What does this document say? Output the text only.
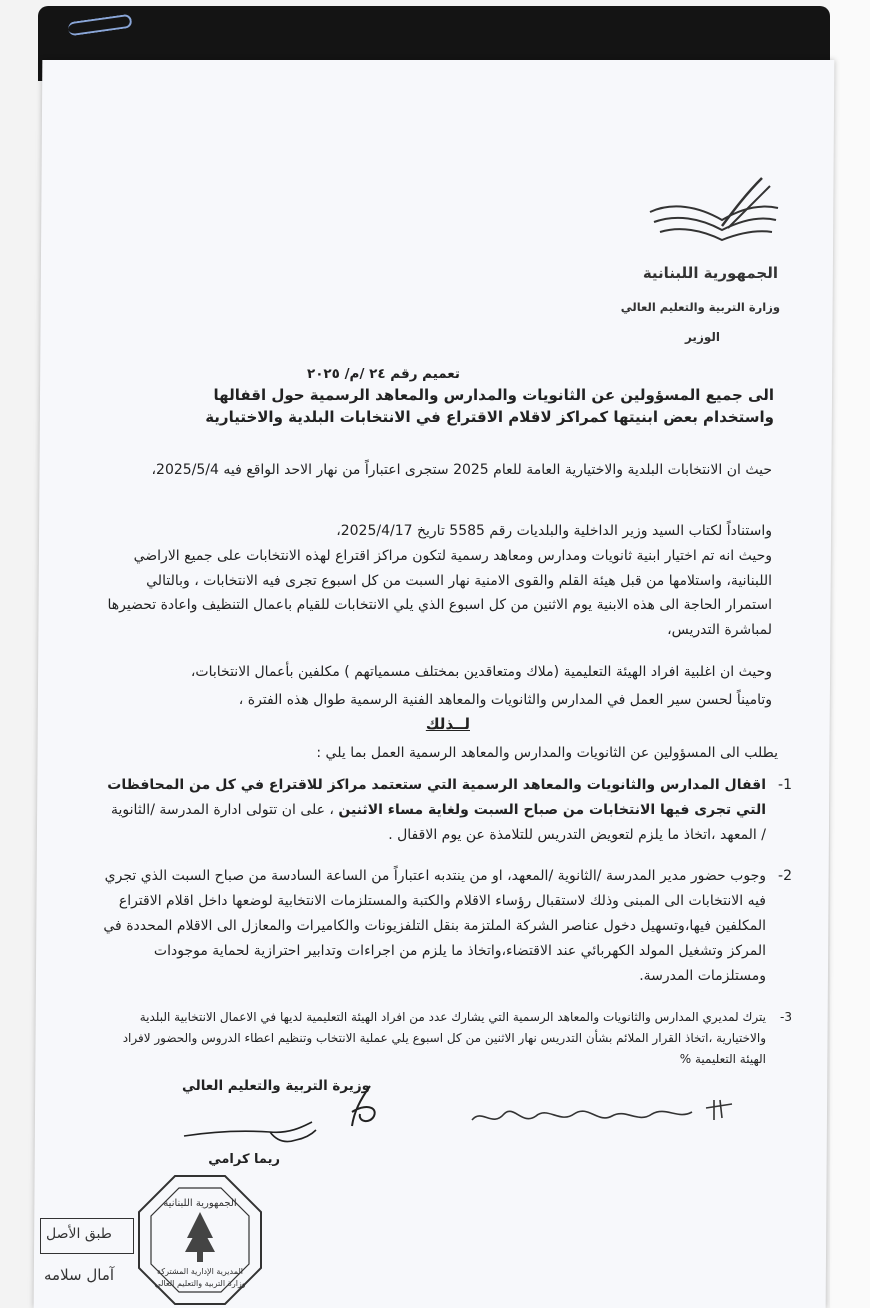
الجمهورية اللبنانية
وزارة التربية والتعليم العالي
الوزير
تعميم رقم ٢٤ /م/ ٢٠٢٥
الى جميع المسؤولين عن الثانويات والمدارس والمعاهد الرسمية حول اقفالها
واستخدام بعض ابنيتها كمراكز لاقلام الاقتراع في الانتخابات البلدية والاختيارية
حيث ان الانتخابات البلدية والاختيارية العامة للعام 2025 ستجرى اعتباراً من نهار الاحد الواقع فيه 2025/5/4،
واستناداً لكتاب السيد وزير الداخلية والبلديات رقم 5585 تاريخ 2025/4/17،
وحيث انه تم اختيار ابنية ثانويات ومدارس ومعاهد رسمية لتكون مراكز اقتراع لهذه الانتخابات على جميع الاراضي اللبنانية، واستلامها من قبل هيئة القلم والقوى الامنية نهار السبت من كل اسبوع تجرى فيه الانتخابات ، وبالتالي استمرار الحاجة الى هذه الابنية يوم الاثنين من كل اسبوع الذي يلي الانتخابات للقيام باعمال التنظيف واعادة تحضيرها لمباشرة التدريس،
وحيث ان اغلبية افراد الهيئة التعليمية (ملاك ومتعاقدين بمختلف مسمياتهم ) مكلفين بأعمال الانتخابات،
وتاميناً لحسن سير العمل في المدارس والثانويات والمعاهد الفنية الرسمية طوال هذه الفترة ،
لــذلك
يطلب الى المسؤولين عن الثانويات والمدارس والمعاهد الرسمية العمل بما يلي :
1-
اقفال المدارس والثانويات والمعاهد الرسمية التي ستعتمد مراكز للاقتراع في كل من المحافظات التي تجرى فيها الانتخابات من صباح السبت ولغاية مساء الاثنين ، على ان تتولى ادارة المدرسة /الثانوية / المعهد ،اتخاذ ما يلزم لتعويض التدريس للتلامذة عن يوم الاقفال .
2-
وجوب حضور مدير المدرسة /الثانوية /المعهد، او من ينتدبه اعتباراً من الساعة السادسة من صباح السبت الذي تجري فيه الانتخابات الى المبنى وذلك لاستقبال رؤساء الاقلام والكتبة والمستلزمات الانتخابية لوضعها داخل اقلام الاقتراع المكلفين فيها،وتسهيل دخول عناصر الشركة الملتزمة بنقل التلفزيونات والكاميرات والمعازل الى الاقلام المحددة في المركز وتشغيل المولد الكهربائي عند الاقتضاء،واتخاذ ما يلزم من اجراءات وتدابير احترازية لحماية موجودات ومستلزمات المدرسة.
3-
يترك لمديري المدارس والثانويات والمعاهد الرسمية التي يشارك عدد من افراد الهيئة التعليمية لديها في الاعمال الانتخابية البلدية والاختيارية ،اتخاذ القرار الملائم بشأن التدريس نهار الاثنين من كل اسبوع يلي عملية الانتخاب وتنظيم اعطاء الدروس والحضور لافراد الهيئة التعليمية %
وزيرة التربية والتعليم العالي
ريما كرامي
الجمهورية اللبنانية
المديرية الإدارية المشتركة
وزارة التربية والتعليم العالي
طبق الأصل
آمال سلامه
